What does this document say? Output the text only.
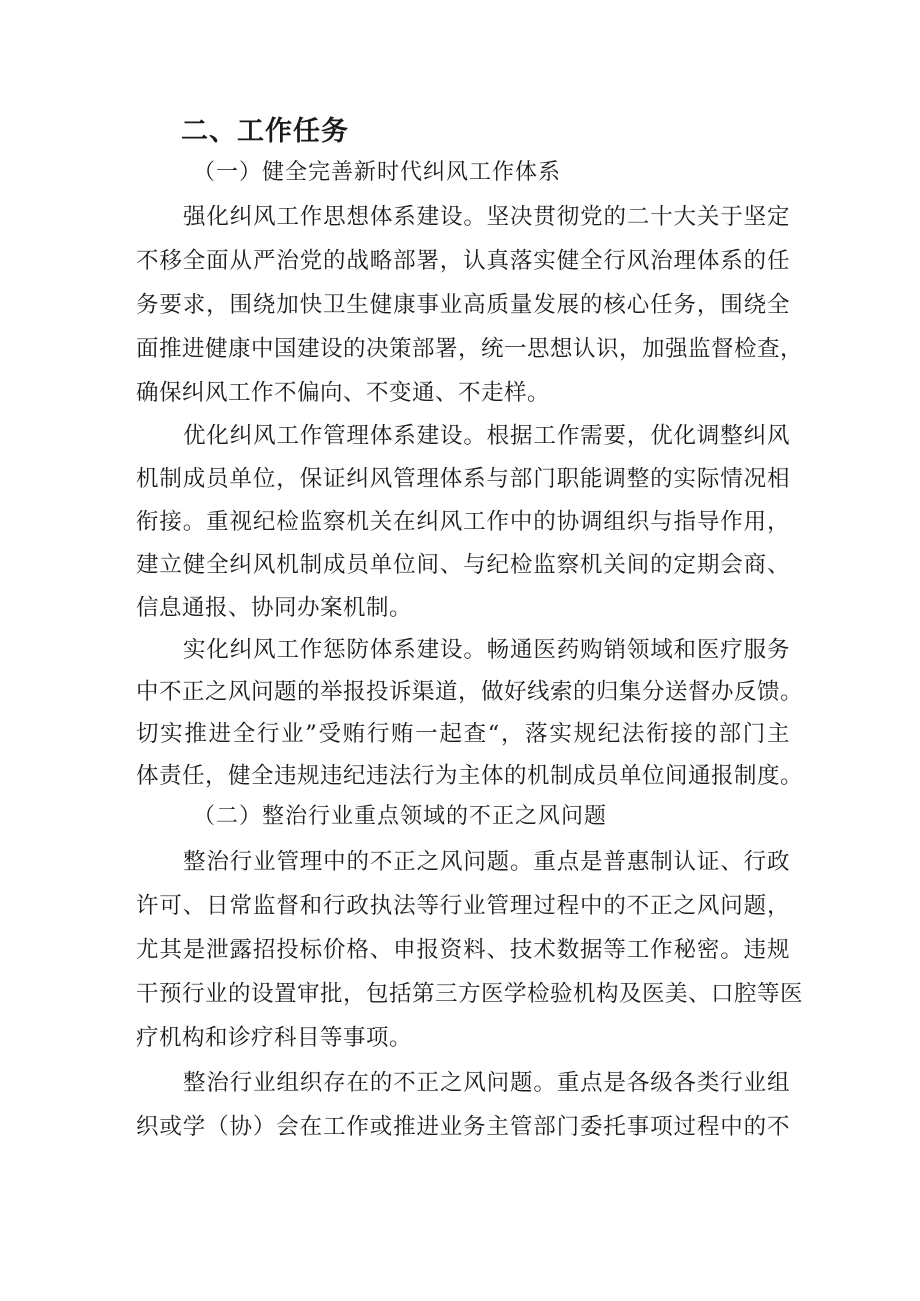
二、工作任务
（一）健全完善新时代纠风工作体系
强化纠风工作思想体系建设。坚决贯彻党的二十大关于坚定
不移全面从严治党的战略部署，认真落实健全行风治理体系的任
务要求，围绕加快卫生健康事业高质量发展的核心任务，围绕全
面推进健康中国建设的决策部署，统一思想认识，加强监督检查，
确保纠风工作不偏向、不变通、不走样。
优化纠风工作管理体系建设。根据工作需要，优化调整纠风
机制成员单位，保证纠风管理体系与部门职能调整的实际情况相
衔接。重视纪检监察机关在纠风工作中的协调组织与指导作用，
建立健全纠风机制成员单位间、与纪检监察机关间的定期会商、
信息通报、协同办案机制。
实化纠风工作惩防体系建设。畅通医药购销领域和医疗服务
中不正之风问题的举报投诉渠道，做好线索的归集分送督办反馈。
切实推进全行业”受贿行贿一起查“，落实规纪法衔接的部门主
体责任，健全违规违纪违法行为主体的机制成员单位间通报制度。
（二）整治行业重点领域的不正之风问题
整治行业管理中的不正之风问题。重点是普惠制认证、行政
许可、日常监督和行政执法等行业管理过程中的不正之风问题，
尤其是泄露招投标价格、申报资料、技术数据等工作秘密。违规
干预行业的设置审批，包括第三方医学检验机构及医美、口腔等医
疗机构和诊疗科目等事项。
整治行业组织存在的不正之风问题。重点是各级各类行业组
织或学（协）会在工作或推进业务主管部门委托事项过程中的不
